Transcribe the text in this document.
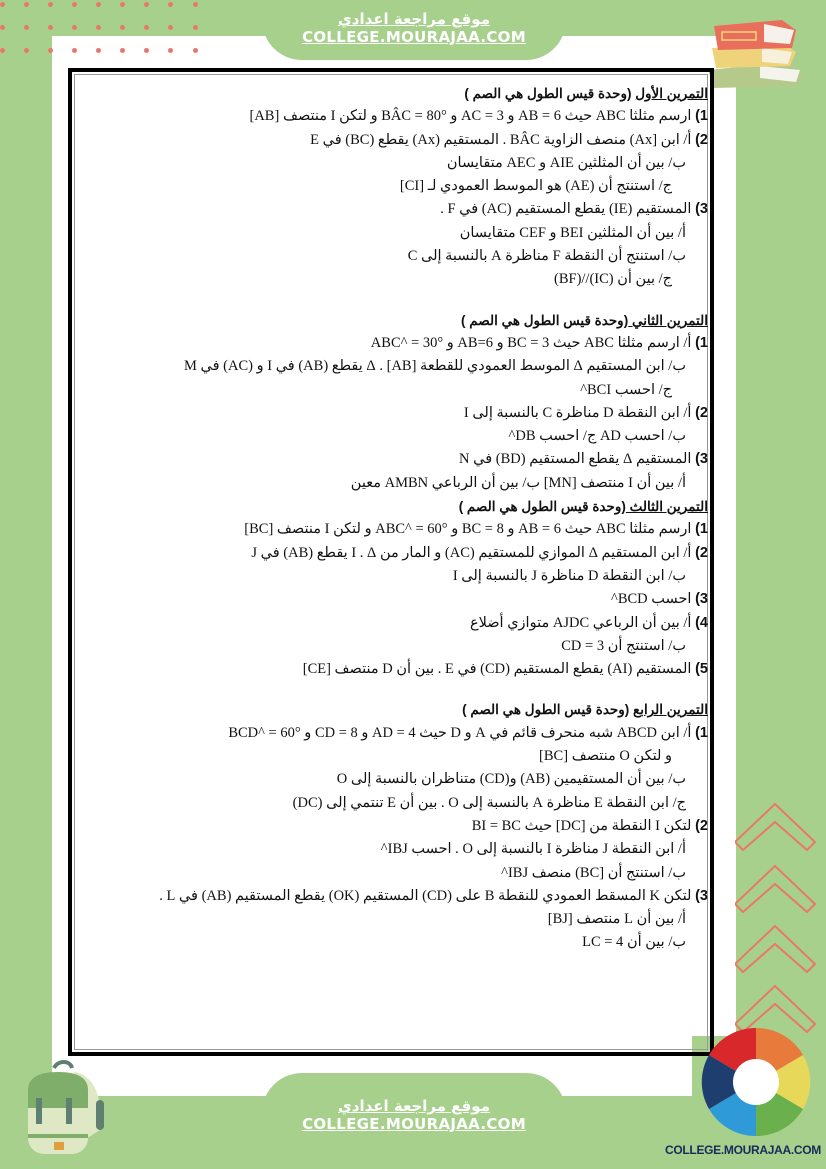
موقع مراجعة اعدادي
COLLEGE.MOURAJAA.COM
التمرين الأول (وحدة قيس الطول هي الصم )
1) ارسم مثلثا ABC حيث AB = 6 و AC = 3 و BÂC = 80° و لتكن I منتصف [AB]
2) أ/ ابن [Ax) منصف الزاوية BÂC . المستقيم (Ax) يقطع (BC) في E
ب/ بين أن المثلثين AIE و AEC متقايسان
ج/ استنتج أن (AE) هو الموسط العمودي لـ [CI]
3) المستقيم (IE) يقطع المستقيم (AC) في F .
أ/ بين أن المثلثين BEI و CEF متقايسان
ب/ استنتج أن النقطة F مناظرة A بالنسبة إلى C
ج/ بين أن (IC)//(BF)
التمرين الثاني (وحدة قيس الطول هي الصم )
1) أ/ ارسم مثلثا ABC حيث BC = 3 و AB=6 و ABC^ = 30°
ب/ ابن المستقيم Δ الموسط العمودي للقطعة [AB] . Δ يقطع (AB) في I و (AC) في M
ج/ احسب BCI^
2) أ/ ابن النقطة D مناظرة C بالنسبة إلى I
ب/ احسب AD ج/ احسب DB^
3) المستقيم Δ يقطع المستقيم (BD) في N
أ/ بين أن I منتصف [MN] ب/ بين أن الرباعي AMBN معين
التمرين الثالث (وحدة قيس الطول هي الصم )
1) ارسم مثلثا ABC حيث AB = 6 و BC = 8 و ABC^ = 60° و لتكن I منتصف [BC]
2) أ/ ابن المستقيم Δ الموازي للمستقيم (AC) و المار من I . Δ يقطع (AB) في J
ب/ ابن النقطة D مناظرة J بالنسبة إلى I
3) احسب BCD^
4) أ/ بين أن الرباعي AJDC متوازي أضلاع
ب/ استنتج أن CD = 3
5) المستقيم (AI) يقطع المستقيم (CD) في E . بين أن D منتصف [CE]
التمرين الرابع (وحدة قيس الطول هي الصم )
1) أ/ ابن ABCD شبه منحرف قائم في A و D حيث AD = 4 و CD = 8 و BCD^ = 60°
و لتكن O منتصف [BC]
ب/ بين أن المستقيمين (AB) و(CD) متناظران بالنسبة إلى O
ج/ ابن النقطة E مناظرة A بالنسبة إلى O . بين أن E تنتمي إلى (DC)
2) لتكن I النقطة من [DC] حيث BI = BC
أ/ ابن النقطة J مناظرة I بالنسبة إلى O . احسب IBJ^
ب/ استنتج أن [BC) منصف IBJ^
3) لتكن K المسقط العمودي للنقطة B على (CD) المستقيم (OK) يقطع المستقيم (AB) في L .
أ/ بين أن L منتصف [BJ]
ب/ بين أن LC = 4
موقع مراجعة اعدادي
COLLEGE.MOURAJAA.COM
COLLEGE.MOURAJAA.COM
